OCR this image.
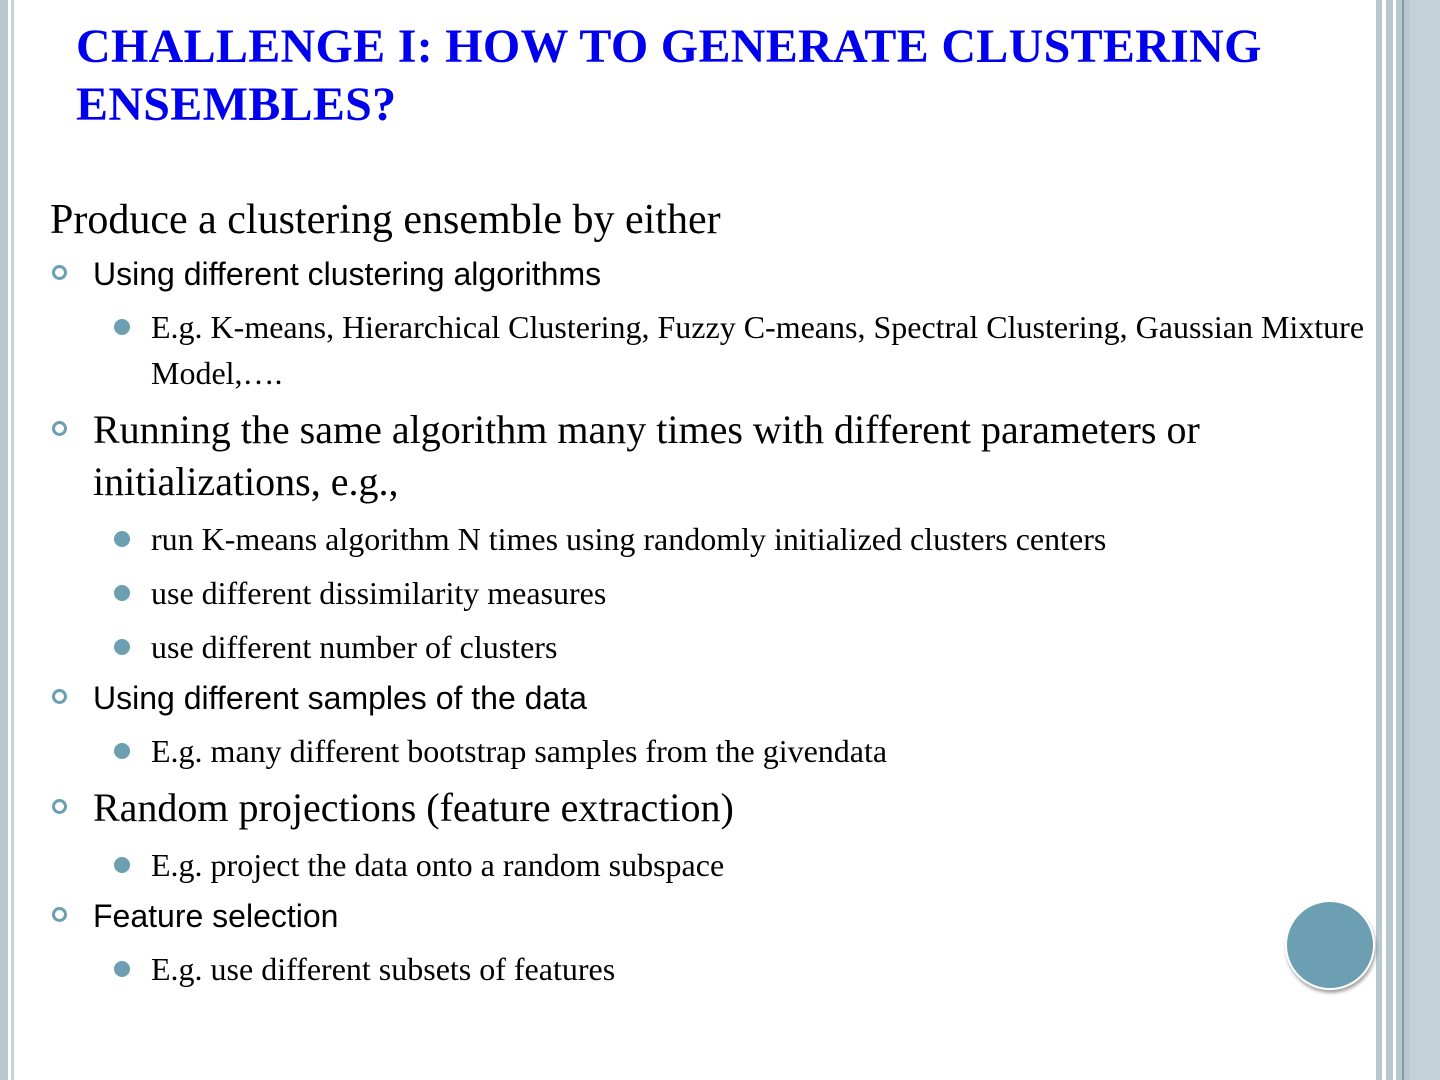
CHALLENGE I: HOW TO GENERATE CLUSTERING ENSEMBLES?

Produce a clustering ensemble by either

Using different clustering algorithms
E.g. K-means, Hierarchical Clustering, Fuzzy C-means, Spectral Clustering, Gaussian Mixture Model,….
Running the same algorithm many times with different parameters or initializations, e.g.,
run K-means algorithm N times using randomly initialized clusters centers
use different dissimilarity measures
use different number of clusters
Using different samples of the data
E.g. many different bootstrap samples from the givendata
Random projections (feature extraction)
E.g. project the data onto a random subspace
Feature selection
E.g. use different subsets of features
